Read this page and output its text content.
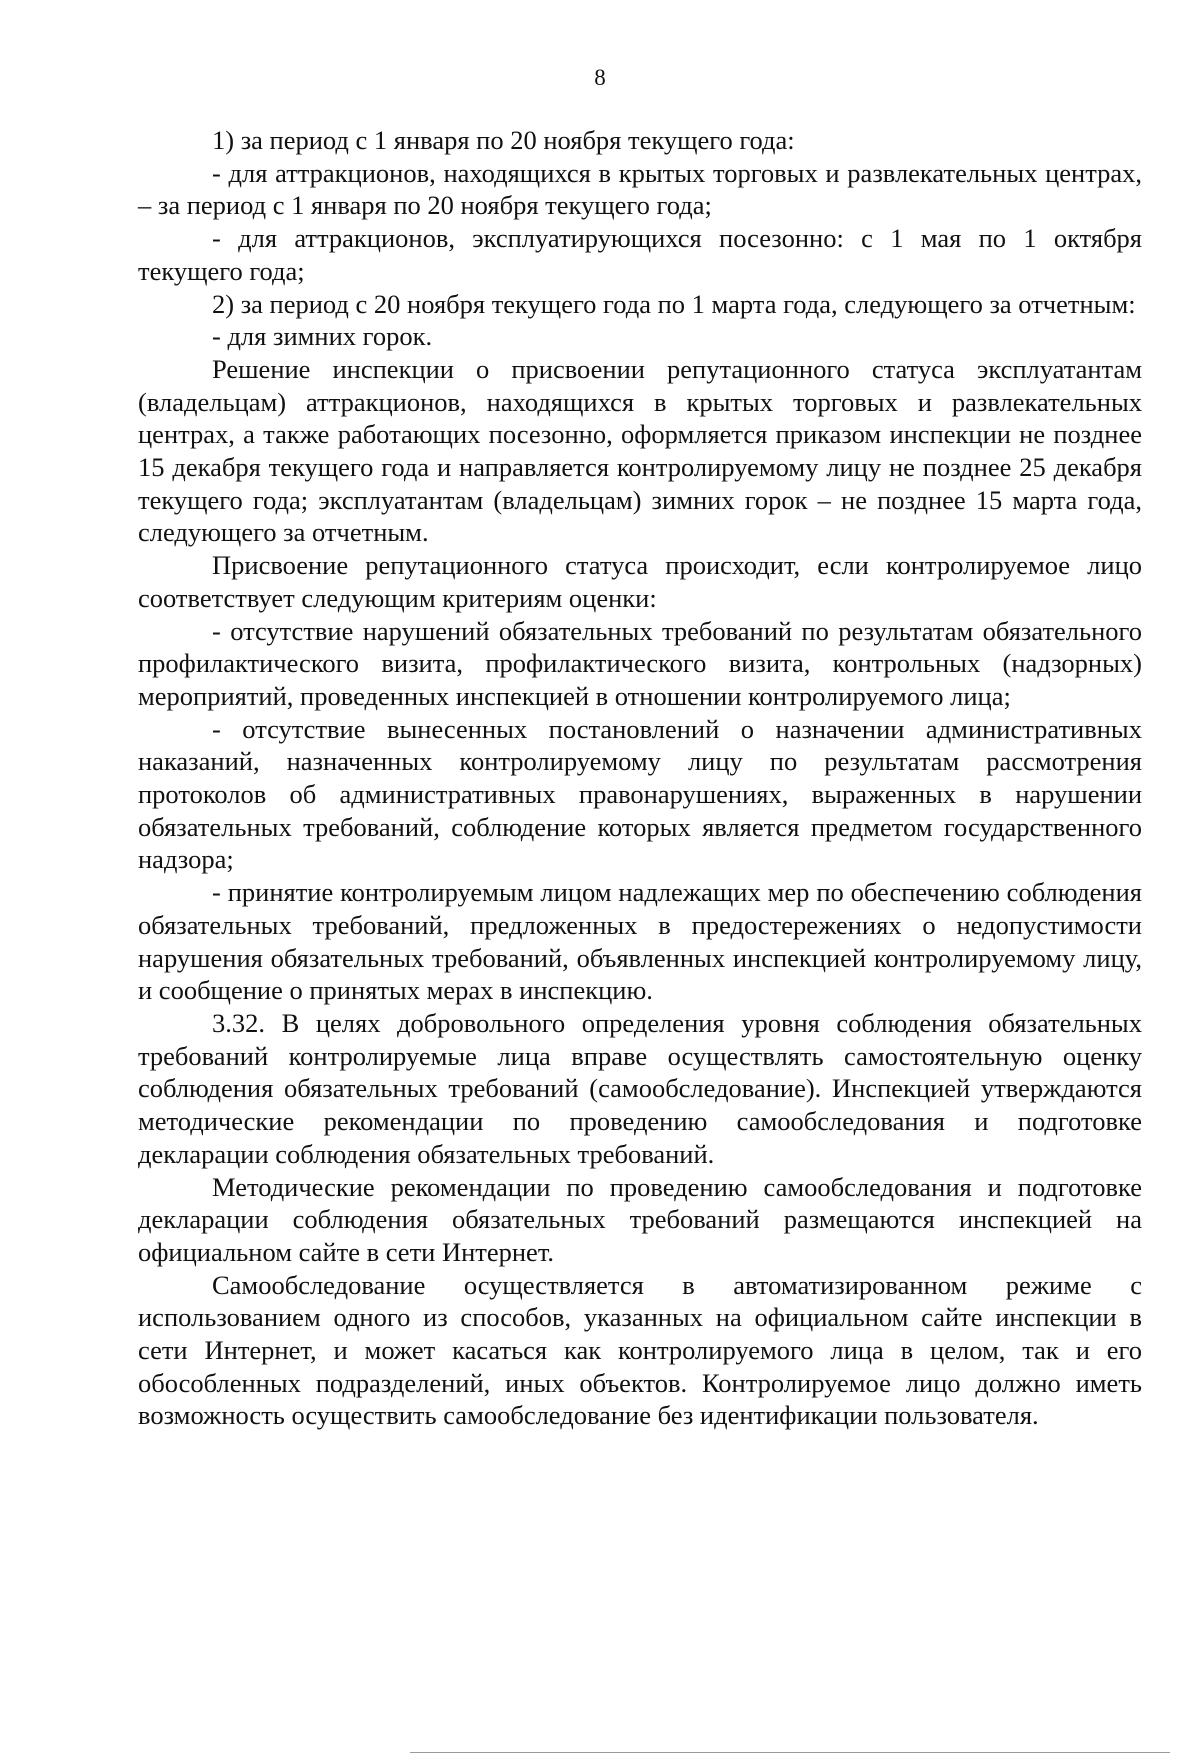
8

1) за период с 1 января по 20 ноября текущего года:

- для аттракционов, находящихся в крытых торговых и развлекательных центрах, – за период с 1 января по 20 ноября текущего года;

- для аттракционов, эксплуатирующихся посезонно: с 1 мая по 1 октября текущего года;

2) за период с 20 ноября текущего года по 1 марта года, следующего за отчетным:

- для зимних горок.

Решение инспекции о присвоении репутационного статуса эксплуатантам (владельцам) аттракционов, находящихся в крытых торговых и развлекательных центрах, а также работающих посезонно, оформляется приказом инспекции не позднее 15 декабря текущего года и направляется контролируемому лицу не позднее 25 декабря текущего года; эксплуатантам (владельцам) зимних горок – не позднее 15 марта года, следующего за отчетным.

Присвоение репутационного статуса происходит, если контролируемое лицо соответствует следующим критериям оценки:

- отсутствие нарушений обязательных требований по результатам обязательного профилактического визита, профилактического визита, контрольных (надзорных) мероприятий, проведенных инспекцией в отношении контролируемого лица;

- отсутствие вынесенных постановлений о назначении административных наказаний, назначенных контролируемому лицу по результатам рассмотрения протоколов об административных правонарушениях, выраженных в нарушении обязательных требований, соблюдение которых является предметом государственного надзора;

- принятие контролируемым лицом надлежащих мер по обеспечению соблюдения обязательных требований, предложенных в предостережениях о недопустимости нарушения обязательных требований, объявленных инспекцией контролируемому лицу, и сообщение о принятых мерах в инспекцию.

3.32. В целях добровольного определения уровня соблюдения обязательных требований контролируемые лица вправе осуществлять самостоятельную оценку соблюдения обязательных требований (самообследование). Инспекцией утверждаются методические рекомендации по проведению самообследования и подготовке декларации соблюдения обязательных требований.

Методические рекомендации по проведению самообследования и подготовке декларации соблюдения обязательных требований размещаются инспекцией на официальном сайте в сети Интернет.

Самообследование осуществляется в автоматизированном режиме с использованием одного из способов, указанных на официальном сайте инспекции в сети Интернет, и может касаться как контролируемого лица в целом, так и его обособленных подразделений, иных объектов. Контролируемое лицо должно иметь возможность осуществить самообследование без идентификации пользователя.
